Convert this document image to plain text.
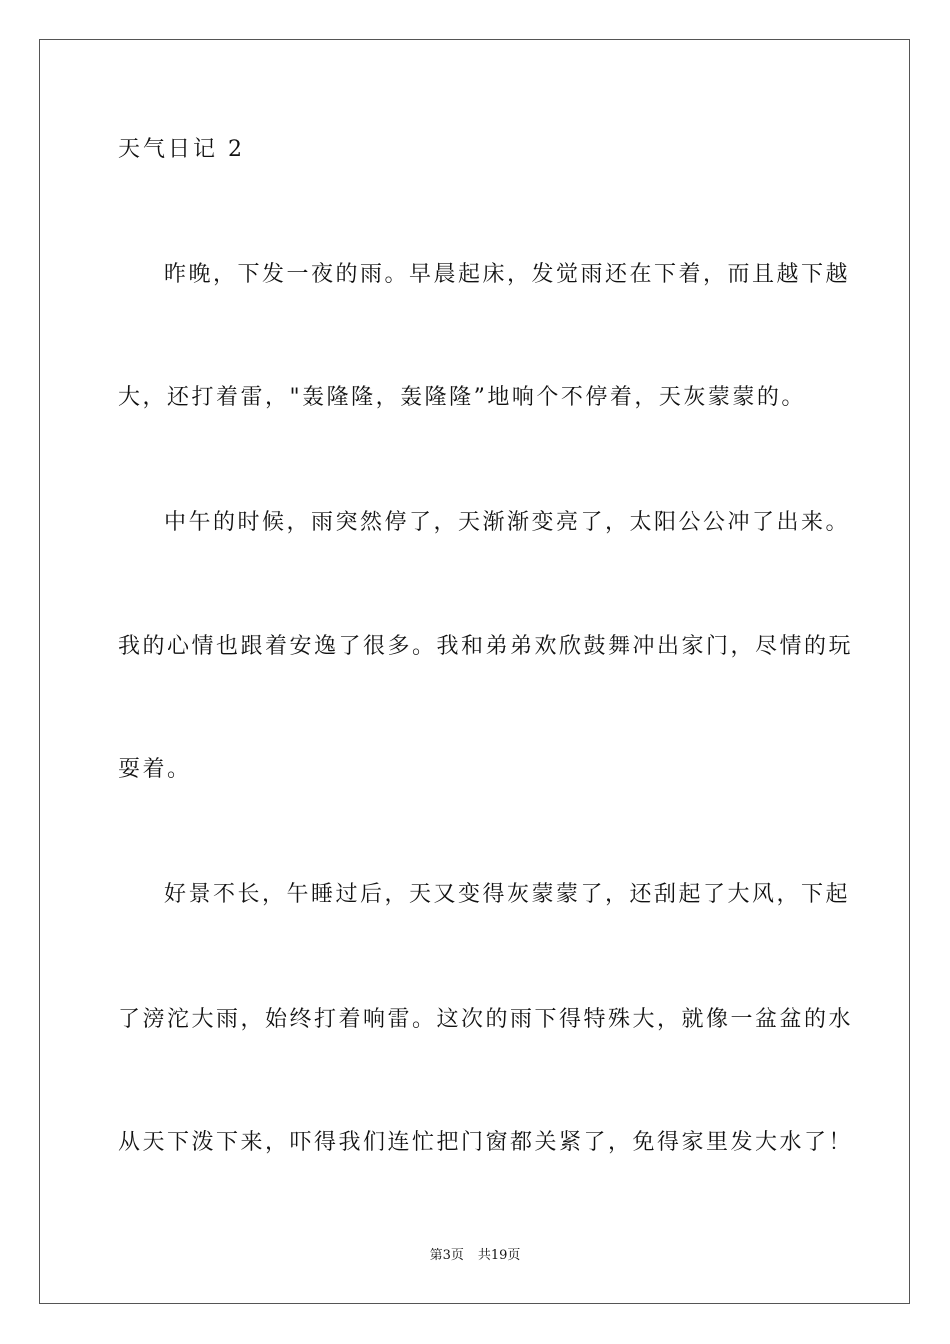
天气日记 2
昨晚，下发一夜的雨。早晨起床，发觉雨还在下着，而且越下越
大，还打着雷，"轰隆隆，轰隆隆”地响个不停着，天灰蒙蒙的。
中午的时候，雨突然停了，天渐渐变亮了，太阳公公冲了出来。
我的心情也跟着安逸了很多。我和弟弟欢欣鼓舞冲出家门，尽情的玩
耍着。
好景不长，午睡过后，天又变得灰蒙蒙了，还刮起了大风，下起
了滂沱大雨，始终打着响雷。这次的雨下得特殊大，就像一盆盆的水
从天下泼下来，吓得我们连忙把门窗都关紧了，免得家里发大水了！
第3页 共19页
